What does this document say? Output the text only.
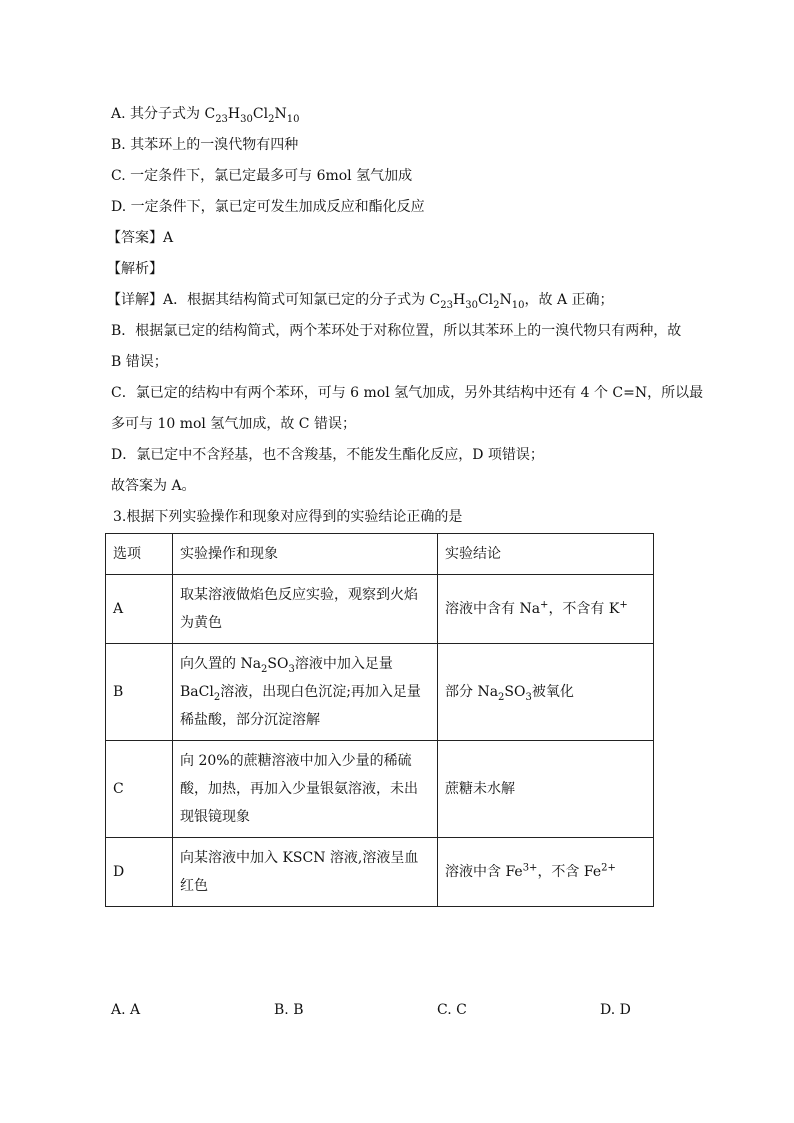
A. 其分子式为 $C_{23}H_{30}Cl_2N_{10}$
B. 其苯环上的一溴代物有四种
C. 一定条件下，氯已定最多可与 6mol 氢气加成
D. 一定条件下，氯已定可发生加成反应和酯化反应
【答案】A
【解析】
【详解】A．根据其结构简式可知氯已定的分子式为 $C_{23}H_{30}Cl_2N_{10}$，故 A 正确；
B．根据氯已定的结构简式，两个苯环处于对称位置，所以其苯环上的一溴代物只有两种，故
B 错误；
C．氯已定的结构中有两个苯环，可与 6 mol 氢气加成，另外其结构中还有 4 个 C=N，所以最
多可与 10 mol 氢气加成，故 C 错误；
D．氯已定中不含羟基，也不含羧基，不能发生酯化反应，D 项错误；
故答案为 A。
3.根据下列实验操作和现象对应得到的实验结论正确的是
选项	实验操作和现象	实验结论
A	取某溶液做焰色反应实验，观察到火焰为黄色	溶液中含有 Na+，不含有 K+
B	向久置的 $Na_2SO_3$溶液中加入足量 BaCl$_2$溶液，出现白色沉淀;再加入足量稀盐酸，部分沉淀溶解	部分 $Na_2SO_3$被氧化
C	向 20%的蔗糖溶液中加入少量的稀硫酸，加热，再加入少量银氨溶液，未出现银镜现象	蔗糖未水解
D	向某溶液中加入 KSCN 溶液,溶液呈血红色	溶液中含 $Fe^{3+}$，不含 $Fe^{2+}$
A. A	B. B	C. C	D. D
